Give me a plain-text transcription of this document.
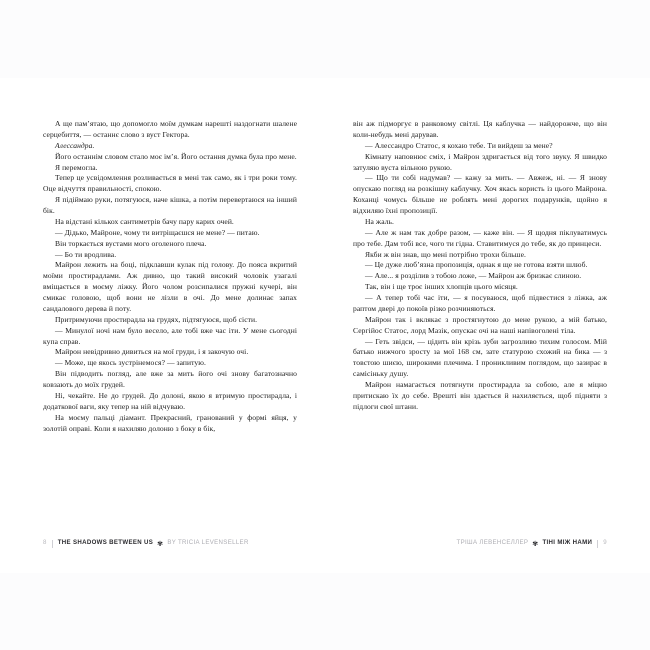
А ще пам’ятаю, що допомогло моїм думкам нарешті наздогнати шалене серцебиття, — останнє слово з вуст Гектора.

Алессандра.

Його останнім словом стало моє ім’я. Його остання думка була про мене.

Я перемогла.

Тепер це усвідомлення розливається в мені так само, як і три роки тому. Оце відчуття правильності, спокою.

Я підіймаю руки, потягуюся, наче кішка, а потім перевертаюся на інший бік.

На відстані кількох сантиметрів бачу пару карих очей.

— Дідько, Майроне, чому ти витріщаєшся не мене? — питаю.

Він торкається вустами мого оголеного плеча.

— Бо ти вродлива.

Майрон лежить на боці, підклавши кулак під голову. До пояса вкритий моїми простирадлами. Аж дивно, що такий високий чоловік узагалі вміщається в моєму ліжку. Його чолом розсипалися пружні кучері, він смикає головою, щоб вони не лізли в очі. До мене долинає запах сандалового дерева й поту.

Притримуючи простирадла на грудях, підтягуюся, щоб сісти.

— Минулої ночі нам було весело, але тобі вже час іти. У мене сьогодні купа справ.

Майрон невідривно дивиться на мої груди, і я закочую очі.

— Може, ще якось зустрінемося? — запитую.

Він підводить погляд, але вже за мить його очі знову багатозначно ковзають до моїх грудей.

Ні, чекайте. Не до грудей. До долоні, якою я втримую простирадла, і додаткової ваги, яку тепер на ній відчуваю.

На моєму пальці діамант. Прекрасний, гранований у формі яйця, у золотій оправі. Коли я нахиляю долоню з боку в бік,

8 THE SHADOWS BETWEEN US ✾ BY TRICIA LEVENSELLER

він аж підморгує в ранковому світлі. Ця каблучка — найдорожче, що він коли-небудь мені дарував.

— Алессандро Статос, я кохаю тебе. Ти вийдеш за мене?

Кімнату наповнює сміх, і Майрон здригається від того звуку. Я швидко затуляю вуста вільною рукою.

— Що ти собі надумав? — кажу за мить. — Авжеж, ні. — Я знову опускаю погляд на розкішну каблучку. Хоч якась користь із цього Майрона. Коханці чомусь більше не роблять мені дорогих подарунків, щойно я відхиляю їхні пропозиції.

На жаль.

— Але ж нам так добре разом, — каже він. — Я щодня піклуватимусь про тебе. Дам тобі все, чого ти гідна. Ставитимуся до тебе, як до принцеси.

Якби ж він знав, що мені потрібно трохи більше.

— Це дуже люб’язна пропозиція, однак я ще не готова взяти шлюб.

— Але... я розділив з тобою ложе, — Майрон аж бризкає слиною.

Так, він і ще троє інших хлопців цього місяця.

— А тепер тобі час іти, — я посуваюся, щоб підвестися з ліжка, аж раптом двері до покоїв різко розчиняються.

Майрон так і вклякає з простягнутою до мене рукою, а мій батько, Сергійос Статос, лорд Мазік, опускає очі на наші напівоголені тіла.

— Геть звідси, — цідить він крізь зуби загрозливо тихим голосом. Мій батько нижчого зросту за мої 168 см, зате статурою схожий на бика — з товстою шиєю, широкими плечима. І проникливим поглядом, що зазирає в самісіньку душу.

Майрон намагається потягнути простирадла за собою, але я міцно притискаю їх до себе. Врешті він здається й нахиляється, щоб підняти з підлоги свої штани.

ТРІША ЛЕВЕНСЕЛЛЕР ✾ ТІНІ МІЖ НАМИ 9
